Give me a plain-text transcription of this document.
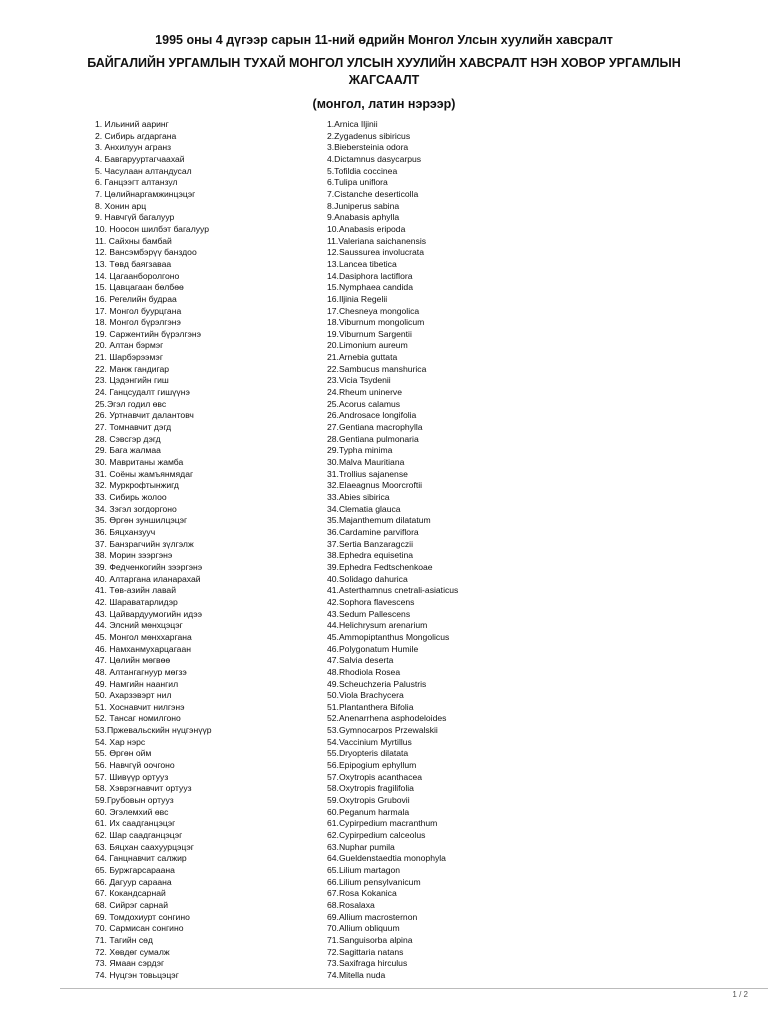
1995 оны 4 дүгээр сарын 11-ний өдрийн Монгол Улсын хуулийн хавсралт
БАЙГАЛИЙН УРГАМЛЫН ТУХАЙ МОНГОЛ УЛСЫН ХУУЛИЙН ХАВСРАЛТ НЭН ХОВОР УРГАМЛЫН
ЖАГСААЛТ
(монгол, латин нэрээр)
1. Ильиний ааринг
2. Сибирь агдаргана
3. Анхилуун агранз
4. Бавгарууртагчаахай
5. Часулаан алтандусал
6. Ганцээгт алтанзул
7. Цөлийнаргамжинцэцэг
8. Хонин арц
9. Навчгүй багалуур
10. Ноосон шилбэт багалуур
11. Сайхны бамбай
12. Вансэмбэрүү банздоо
13. Төвд баягзаваа
14. Цагаанборолгоно
15. Цавцагаан бөлбөө
16. Регелийн будраа
17. Монгол буурцгана
18. Монгол бүрэлгэнэ
19. Саржентийн бүрэлгэнэ
20. Алтан бэрмэг
21. Шарбэрээмэг
22. Манж гандигар
23. Цэдэнгийн гиш
24. Ганцсудалт гишүүнэ
25.Эгэл годил өвс
26. Уртнавчит далантовч
27. Томнавчит дэгд
28. Сэвсгэр дэгд
29. Бага жалмаа
30. Мавританы жамба
31. Соёны жамъянмядаг
32. Муркрофтынжигд
33. Сибирь жолоо
34. Зэгэл зогдоргоно
35. Өргөн зуншилцэцэг
36. Бяцханзууч
37. Банзрагчийн зүлгэлж
38. Морин зээргэнэ
39. Федченкогийн зээргэнэ
40. Алтаргана иланарахай
41. Төв-азийн лавай
42. Шараватарлидэр
43. Цайвардуумогийн идээ
44. Элсний мөнхцэцэг
45. Монгол мөнххаргана
46. Намханмухарцагаан
47. Цөлийн мөгвөө
48. Алтангагнуур мөгзэ
49. Намгийн наангил
50. Ахарзэвэрт нил
51. Хоснавчит нилгэнэ
52. Тансаг номилгоно
53.Пржевальскийн нүцгэнүүр
54. Хар нэрс
55. Өргөн ойм
56. Навчгүй оочгоно
57. Шивүүр ортууз
58. Хэврэгнавчит ортууз
59.Грубовын ортууз
60. Эгэлемхий өвс
61. Их саадганцэцэг
62. Шар саадганцэцэг
63. Бяцхан саахуурцэцэг
64. Ганцнавчит салжир
65. Буржгарсараана
66. Дагуур сараана
67. Кокандсарнай
68. Сийрэг сарнай
69. Томдохиурт сонгино
70. Сармисан сонгино
71. Тагийн сөд
72. Хөвдөг сумалж
73. Ямаан сэрдэг
74. Нүцгэн товьцэцэг
1.Arnica Iljinii
2.Zygadenus sibiricus
3.Biebersteinia odora
4.Dictamnus dasycarpus
5.Tofildia coccinea
6.Tulipa uniflora
7.Cistanche deserticolla
8.Juniperus sabina
9.Anabasis aphylla
10.Anabasis eripoda
11.Valeriana saichanensis
12.Saussurea involucrata
13.Lancea tibetica
14.Dasiphora lactiflora
15.Nymphaea candida
16.Iljinia Regelii
17.Chesneya mongolica
18.Viburnum mongolicum
19.Viburnum Sargentii
20.Limonium aureum
21.Arnebia guttata
22.Sambucus manshurica
23.Vicia Tsydenii
24.Rheum uninerve
25.Acorus calamus
26.Androsace longifolia
27.Gentiana macrophylla
28.Gentiana pulmonaria
29.Typha minima
30.Malva Mauritiana
31.Trollius sajanense
32.Elaeagnus Moorcroftii
33.Abies sibirica
34.Clematia glauca
35.Majanthemum dilatatum
36.Cardamine parviflora
37.Sertia Banzaragczii
38.Ephedra equisetina
39.Ephedra Fedtschenkoae
40.Solidago dahurica
41.Asterthamnus cnetrali-asiaticus
42.Sophora flavescens
43.Sedum Pallescens
44.Helichrysum arenarium
45.Ammopiptanthus Mongolicus
46.Polygonatum Humile
47.Salvia deserta
48.Rhodiola Rosea
49.Scheuchzeria Palustris
50.Viola Brachycera
51.Plantanthera Bifolia
52.Anenarrhena asphodeloides
53.Gymnocarpos Przewalskii
54.Vaccinium Myrtillus
55.Dryopteris dilatata
56.Epipogium ephyllum
57.Oxytropis acanthacea
58.Oxytropis fragilifolia
59.Oxytropis Grubovii
60.Peganum harmala
61.Cypirpedium macranthum
62.Cypirpedium calceolus
63.Nuphar pumila
64.Gueldenstaedtia monophyla
65.Lilium martagon
66.Lilium pensylvanicum
67.Rosa Kokanica
68.Rosalaxa
69.Allium macrosternon
70.Allium obliquum
71.Sanguisorba alpina
72.Sagittaria natans
73.Saxifraga hirculus
74.Mitella nuda
1 / 2
